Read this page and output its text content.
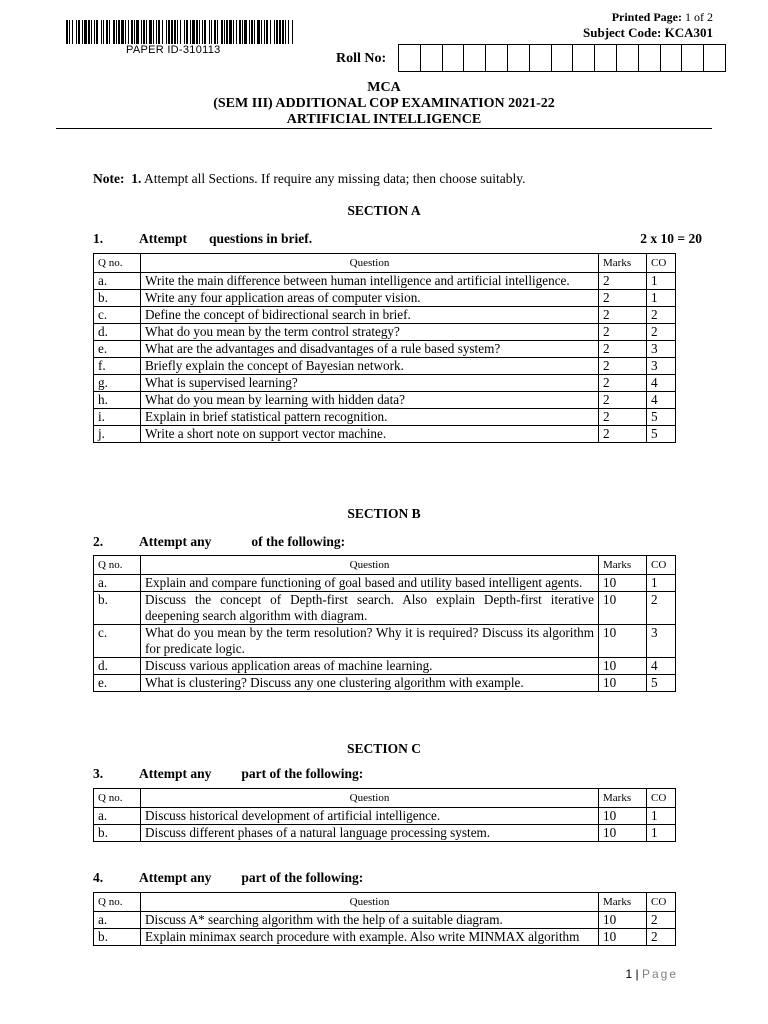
PAPER ID-310113
Printed Page: 1 of 2
Subject Code: KCA301
Roll No:
MCA
(SEM III) ADDITIONAL COP EXAMINATION 2021-22
ARTIFICIAL INTELLIGENCE
Note: 1. Attempt all Sections. If require any missing data; then choose suitably.
SECTION A
1.	Attempt questions in brief.	2 x 10 = 20
Q no.	Question	Marks	CO
a.	Write the main difference between human intelligence and artificial intelligence.	2	1
b.	Write any four application areas of computer vision.	2	1
c.	Define the concept of bidirectional search in brief.	2	2
d.	What do you mean by the term control strategy?	2	2
e.	What are the advantages and disadvantages of a rule based system?	2	3
f.	Briefly explain the concept of Bayesian network.	2	3
g.	What is supervised learning?	2	4
h.	What do you mean by learning with hidden data?	2	4
i.	Explain in brief statistical pattern recognition.	2	5
j.	Write a short note on support vector machine.	2	5
SECTION B
2.	Attempt any	of the following:
Q no.	Question	Marks	CO
a.	Explain and compare functioning of goal based and utility based intelligent agents.	10	1
b.	Discuss the concept of Depth-first search. Also explain Depth-first iterative deepening search algorithm with diagram.	10	2
c.	What do you mean by the term resolution? Why it is required? Discuss its algorithm for predicate logic.	10	3
d.	Discuss various application areas of machine learning.	10	4
e.	What is clustering? Discuss any one clustering algorithm with example.	10	5
SECTION C
3.	Attempt any part of the following:
Q no.	Question	Marks	CO
a.	Discuss historical development of artificial intelligence.	10	1
b.	Discuss different phases of a natural language processing system.	10	1
4.	Attempt any part of the following:
Q no.	Question	Marks	CO
a.	Discuss A* searching algorithm with the help of a suitable diagram.	10	2
b.	Explain minimax search procedure with example. Also write MINMAX algorithm	10	2
1 | Page
